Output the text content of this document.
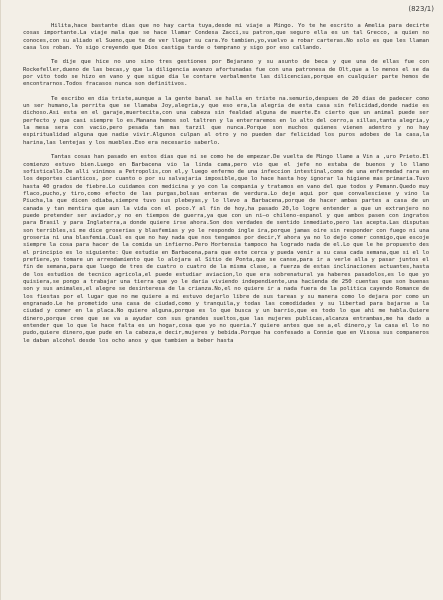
(823/1)

Hilita,hace bastante dias que no hay carta tuya,desde mi viaje a Mingo. Yo te he escrito a Amelia para decirte cosas importante.La viaje mala que se hace llamar Condesa Zacci,su patron,que seguro ella es un tal Grecco, a quien no conoces,con su aliado el Sueno,que te de ver llegar su cara.Yo tambien,yo,vuelvo a robar carteras.No solo es que les llaman casa los roban. Yo sigo creyendo que Dios castiga tarde o temprano y sigo por eso callando.

Te dije que hice no uno sino tres gestiones por Bejarano y su asunto de beca y que una de ellas fue con Rockefeller,dueno de las becas,y que la diligencia avanzo afortunadas fue con una patronesa de Olt,que a lo menos el se da por vito todo se hizo en vano y que sigue dia le contare verbalmente las dilicencias,porque en cualquier parte hemos de encontrarnos.Todos fracasos nunca son definitivos.

Te escribo en dia triste,aunque a la gente banal se halla en triste na.semurio,despues de 20 dias de padecer como un ser humano,la perrita que se llamaba Joy,alegria,y que eso era,la alegria de esta casa sin felicidad,donde nadie es dichoso.Asi esta en el garaje,muertecita,con una cabeza sin fealdad alguna de muerte.Es cierto que un animal puede ser perfecto y que casi siempre lo es.Manana hemos sol taltren y la enterraremos en lo alto del cerro,a sillas,tanta alegria,y la mesa sera con vacio,pero pesada tan mas tarzil que nunca.Porque son muchos quienes vienen adentro y no hay espiritualidad alguna que nadie vivir.Algunos culpan al otro y no pueden dar felicidad los puros adobes de la casa,la harina,las lentejas y los muebles.Eso era necesario saberlo.

Tantas cosas han pasado en estos dias que ni se como he de empezar.De vuelta de Mingo llame a Vin a ,uro Prieto.El comienzo estuvo bien.Luego en Barbacena vio la linda cama,pero vio que el jefe no estaba de buenos y lo llamo sofisticallo.De alli vinimos a Petropolis,con el,y luego enfermo de una infeccion intestinal,como de una enfermedad rara en los deportes cianticos, por cuanto o por su salvajaria imposible,que lo hace hasta hoy ignorar la higiene mas primaria.Tuvo hasta 40 grados de fiebre.Lo cuidamos con medicina y yo con la compania y tratamos en vano del que todos y Pemann.Quedo muy flaco,pucho,y tiro,como efecto de las purgas,bolsas enteras de verdura.Lo deje aqui por que convalesciese y vino la Piucha,la que dicen odiaba,siempre tuvo sus plebeyas,y lo llevo a Barbacena,porque de hacer ambas partes a casa de un canada y tan mentira que aun la vida con el poco.Y al fin de hoy,ha pasado 20,lo logre entender a que un extranjero no puede pretender ser aviador,y no en tiempos de guerra,ya que con un ni–o chileno-espanol y que ambos pasen con ingratos para Brasil y para Inglaterra,a donde quiere irse ahora.Son dos verdades de sentido inmediato,pero las acepta.Las disputas son terribles,si me dice groserias y blasfemias y yo le respondo ingle ira,porque jamas oire sin responder con fuego ni una groseria ni una blasfemia.Cual es que no hay nada que nos tengamos por decir,Y ahora ya no lo dejo comer conmigo,que escoje siempre la cosa para hacer de la comida un infierno.Pero Hortensia tampoco ha logrado nada de el.Lo que le he propuesto des el principio es lo siguiente: Que estudie en Barbacena,para que este cerca y pueda venir a su casa cada semana,que si el lo prefiere,yo tomare un arrendamiento que lo alojara al Sitio de Ponta,que se canse,para ir a verle alla y pasar juntos el fin de semana,para que luego de tres de cuatro o cuatro de la misma clase, a fuerza de estas inclinaciones actuantes,hasta de los estudios de tecnico agricola,el puede estudiar aviacion,lo que era sobrenatural ya haberes pasadolos,es lo que yo quisiera,se pongo a trabajar una tierra que yo le daria viviendo independiente,una hacienda de 250 cuentas que son buenas son y sus animales,el alegre se desinteresa de la crianza.No,el no quiere ir a nada fuera de la politica cayendo Romance de los fiestas por el lugar que no me quiere a mi estuvo dejarlo libre de sus tareas y su manera como lo dejara por como un engranado.Le he prometido una casa de ciudad,como y tranquila,y todas las comodidades y su libertad para bajarse a la ciudad y comer en la placa.No quiere alguna,porque es lo que busca y un barrio,que es todo lo que ahi me habla.Quiere dinero,porque cree que se va a ayudar con sus grandes sueltos,que las mujeres publicas,alcanza entrambas,me ha dado a entender que lo que le hace falta es un hogar,cosa que yo no queria.Y quiere antes que se a,el dinero,y la casa el lo no pudo,quiere dinero,que pude en la cabeza,e decir,mujeres y bebida.Porque ha confesado a Connie que en Visosa sus companeros le daban alcohol desde los ocho anos y que tambien a beber hasta
